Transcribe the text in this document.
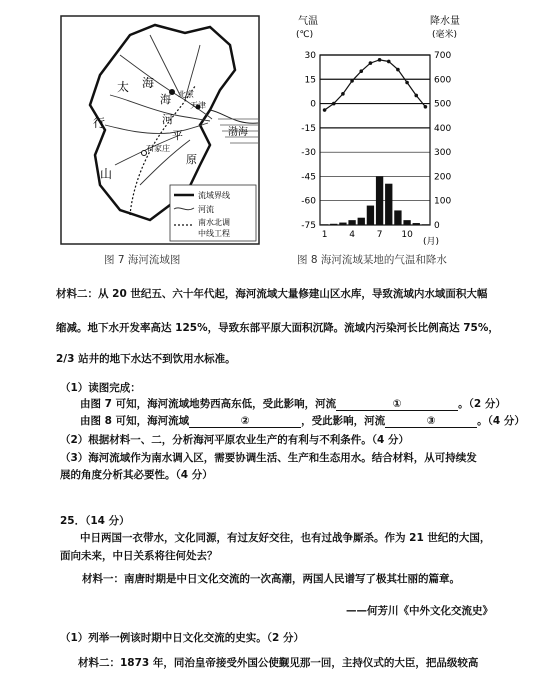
太 海
行
山
北京
天津
海
河
平
原
渤海
石家庄
流域界线
河流
南水北调
中线工程
图 7 海河流域图
气温
(℃)
降水量
(毫米)
30	700
15	600
0	500
-15	400
-30	300
-45	200
-60	100
-75	0
1 4 7 10
(月)
图 8 海河流域某地的气温和降水
材料二：从 20 世纪五、六十年代起，海河流域大量修建山区水库，导致流域内水域面积大幅
缩减。地下水开发率高达 125%，导致东部平原大面积沉降。流域内污染河长比例高达 75%，
2/3 站井的地下水达不到饮用水标准。
（1）读图完成：
由图 7 可知，海河流域地势西高东低，受此影响，河流	①	。（2 分）
由图 8 可知，海河流域	②	，受此影响，河流	③	。（4 分）
（2）根据材料一、二，分析海河平原农业生产的有利与不利条件。（4 分）
（3）海河流域作为南水调入区，需要协调生活、生产和生态用水。结合材料，从可持续发
展的角度分析其必要性。（4 分）
25．（14 分）
中日两国一衣带水，文化同源，有过友好交往，也有过战争厮杀。作为 21 世纪的大国，
面向未来，中日关系将往何处去？
材料一：南唐时期是中日文化交流的一次高潮，两国人民谱写了极其壮丽的篇章。
——何芳川《中外文化交流史》
（1）列举一例该时期中日文化交流的史实。（2 分）
材料二：1873 年，同治皇帝接受外国公使觐见那一回，主持仪式的大臣，把品级较高
